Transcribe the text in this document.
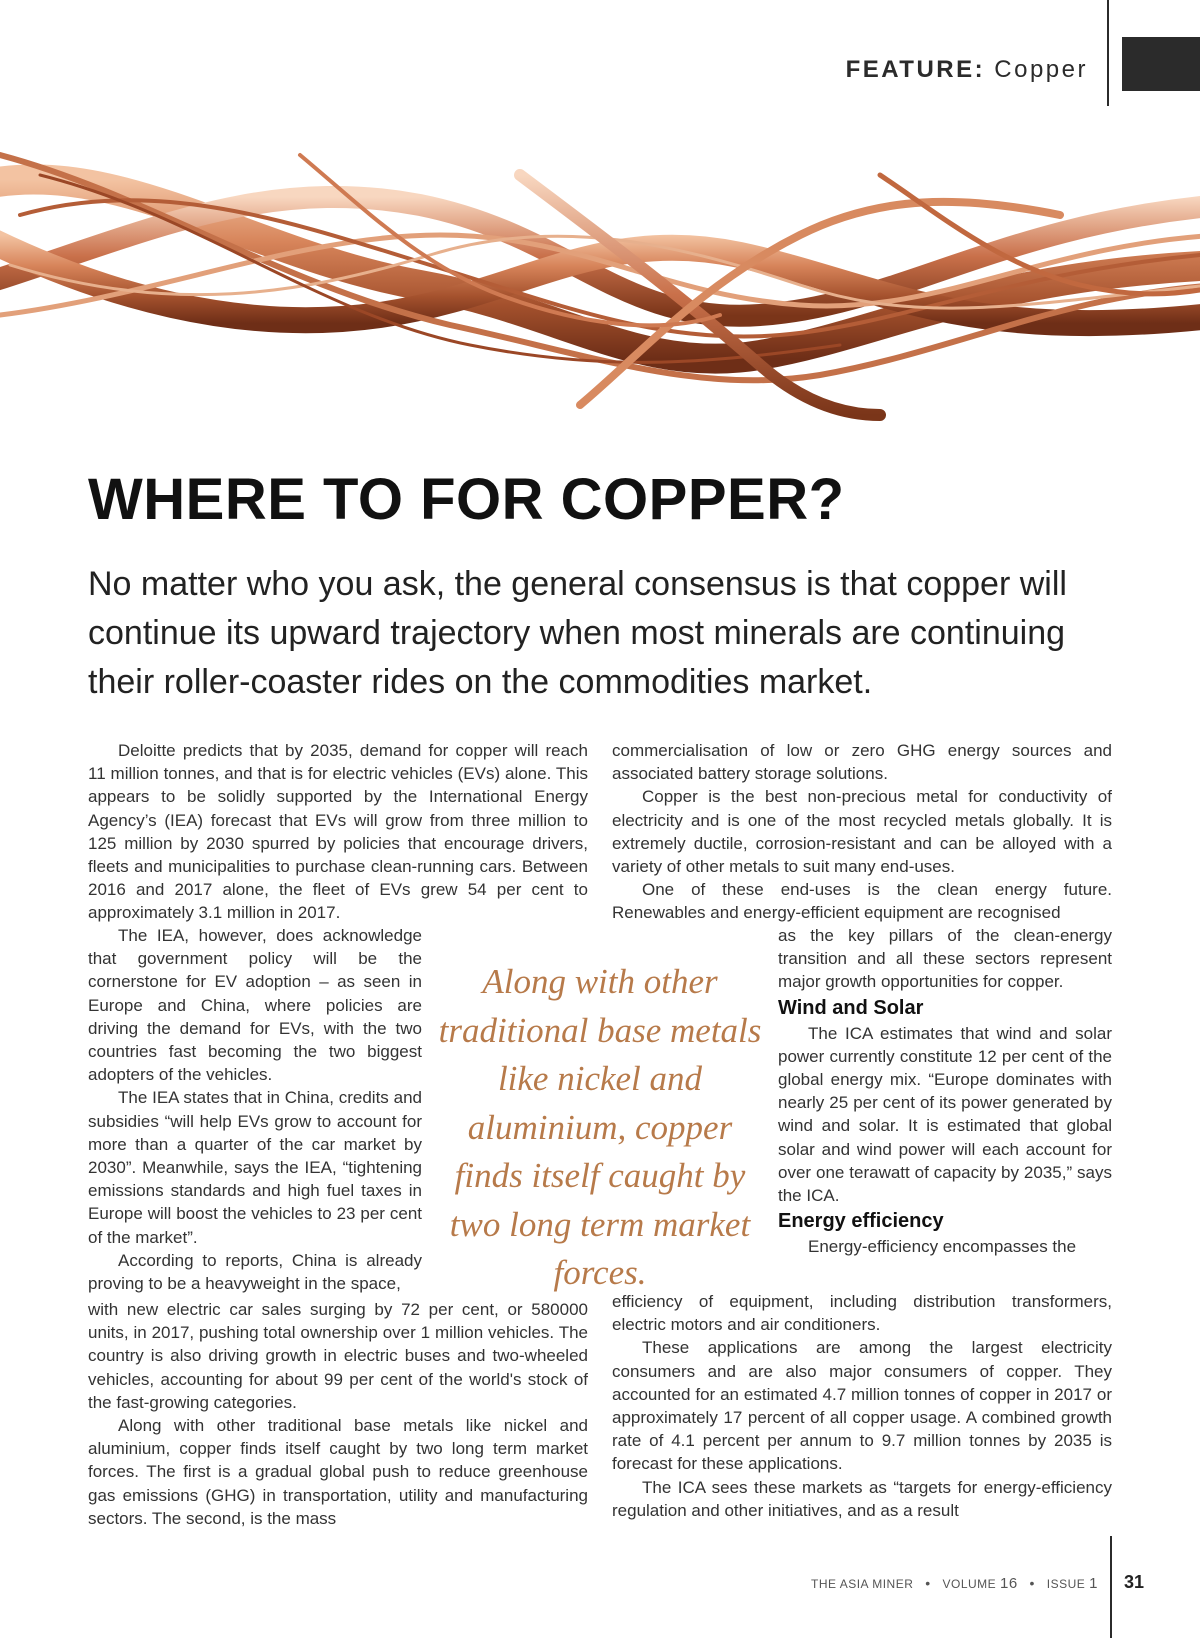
FEATURE: Copper
WHERE TO FOR COPPER?

No matter who you ask, the general consensus is that copper will continue its upward trajectory when most minerals are continuing their roller-coaster rides on the commodities market.

Deloitte predicts that by 2035, demand for copper will reach 11 million tonnes, and that is for electric vehicles (EVs) alone. This appears to be solidly supported by the International Energy Agency’s (IEA) forecast that EVs will grow from three million to 125 million by 2030 spurred by policies that encourage drivers, fleets and municipalities to purchase clean-running cars. Between 2016 and 2017 alone, the fleet of EVs grew 54 per cent to approximately 3.1 million in 2017.

The IEA, however, does acknowledge that government policy will be the cornerstone for EV adoption – as seen in Europe and China, where policies are driving the demand for EVs, with the two countries fast becoming the two biggest adopters of the vehicles.

The IEA states that in China, credits and subsidies “will help EVs grow to account for more than a quarter of the car market by 2030”. Meanwhile, says the IEA, “tightening emissions standards and high fuel taxes in Europe will boost the vehicles to 23 per cent of the market”.

According to reports, China is already proving to be a heavyweight in the space,

with new electric car sales surging by 72 per cent, or 580000 units, in 2017, pushing total ownership over 1 million vehicles. The country is also driving growth in electric buses and two-wheeled vehicles, accounting for about 99 per cent of the world's stock of the fast-growing categories.

Along with other traditional base metals like nickel and aluminium, copper finds itself caught by two long term market forces. The first is a gradual global push to reduce greenhouse gas emissions (GHG) in transportation, utility and manufacturing sectors. The second, is the mass

Along with other traditional base metals like nickel and aluminium, copper finds itself caught by two long term market forces.

commercialisation of low or zero GHG energy sources and associated battery storage solutions.

Copper is the best non-precious metal for conductivity of electricity and is one of the most recycled metals globally. It is extremely ductile, corrosion-resistant and can be alloyed with a variety of other metals to suit many end-uses.

One of these end-uses is the clean energy future. Renewables and energy-efficient equipment are recognised

as the key pillars of the clean-energy transition and all these sectors represent major growth opportunities for copper.

Wind and Solar

The ICA estimates that wind and solar power currently constitute 12 per cent of the global energy mix. “Europe dominates with nearly 25 per cent of its power generated by wind and solar. It is estimated that global solar and wind power will each account for over one terawatt of capacity by 2035,” says the ICA.

Energy efficiency

Energy-efficiency encompasses the

efficiency of equipment, including distribution transformers, electric motors and air conditioners.

These applications are among the largest electricity consumers and are also major consumers of copper. They accounted for an estimated 4.7 million tonnes of copper in 2017 or approximately 17 percent of all copper usage. A combined growth rate of 4.1 percent per annum to 9.7 million tonnes by 2035 is forecast for these applications.

The ICA sees these markets as “targets for energy-efficiency regulation and other initiatives, and as a result

THE ASIA MINER • VOLUME 16 • ISSUE 1 31
